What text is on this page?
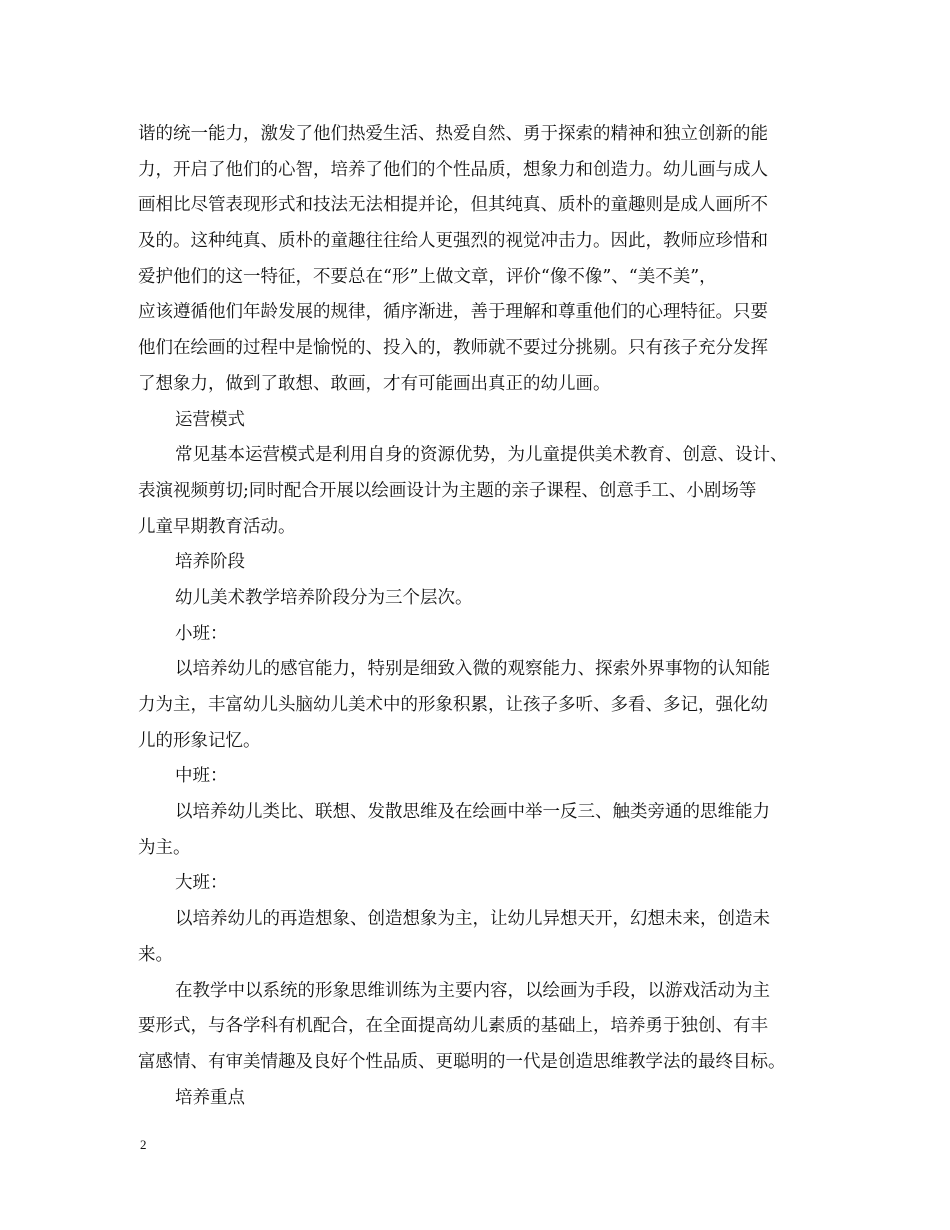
谐的统一能力，激发了他们热爱生活、热爱自然、勇于探索的精神和独立创新的能
力，开启了他们的心智，培养了他们的个性品质，想象力和创造力。幼儿画与成人
画相比尽管表现形式和技法无法相提并论，但其纯真、质朴的童趣则是成人画所不
及的。这种纯真、质朴的童趣往往给人更强烈的视觉冲击力。因此，教师应珍惜和
爱护他们的这一特征，不要总在“形”上做文章，评价“像不像”、“美不美”，
应该遵循他们年龄发展的规律，循序渐进，善于理解和尊重他们的心理特征。只要
他们在绘画的过程中是愉悦的、投入的，教师就不要过分挑剔。只有孩子充分发挥
了想象力，做到了敢想、敢画，才有可能画出真正的幼儿画。
运营模式
常见基本运营模式是利用自身的资源优势，为儿童提供美术教育、创意、设计、
表演视频剪切;同时配合开展以绘画设计为主题的亲子课程、创意手工、小剧场等
儿童早期教育活动。
培养阶段
幼儿美术教学培养阶段分为三个层次。
小班：
以培养幼儿的感官能力，特别是细致入微的观察能力、探索外界事物的认知能
力为主，丰富幼儿头脑幼儿美术中的形象积累，让孩子多听、多看、多记，强化幼
儿的形象记忆。
中班：
以培养幼儿类比、联想、发散思维及在绘画中举一反三、触类旁通的思维能力
为主。
大班：
以培养幼儿的再造想象、创造想象为主，让幼儿异想天开，幻想未来，创造未
来。
在教学中以系统的形象思维训练为主要内容，以绘画为手段，以游戏活动为主
要形式，与各学科有机配合，在全面提高幼儿素质的基础上，培养勇于独创、有丰
富感情、有审美情趣及良好个性品质、更聪明的一代是创造思维教学法的最终目标。
培养重点
2
